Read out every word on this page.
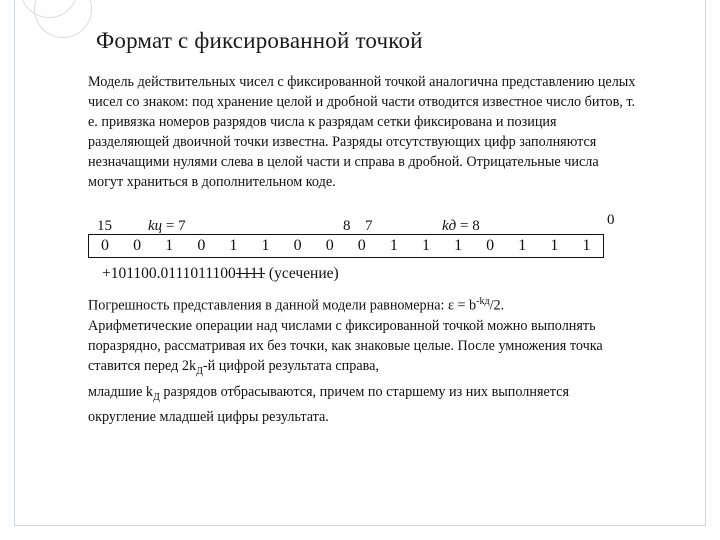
Формат с фиксированной точкой

Модель действительных чисел с фиксированной точкой аналогична представлению целых чисел со знаком: под хранение целой и дробной части отводится известное число битов, т. е. привязка номеров разрядов числа к разрядам сетки фиксирована и позиция разделяющей двоичной точки известна. Разряды отсутствующих цифр заполняются незначащими нулями слева в целой части и справа в дробной. Отрицательные числа могут храниться в дополнительном коде.

15 kц = 7	8 7	kд = 8	0
0	0	1	0	1	1	0	0	0	1	1	1	0	1	1	1
+101100.01110111001111 (усечение)

Погрешность представления в данной модели равномерна: $\varepsilon = b^{-kд}/2$.
Арифметические операции над числами с фиксированной точкой можно выполнять поразрядно, рассматривая их без точки, как знаковые целые. После умножения точка ставится перед $2k_Д-й$ цифрой результата справа,
младшие $k_Д$ разрядов отбрасываются, причем по старшему из них выполняется округление младшей цифры результата.
